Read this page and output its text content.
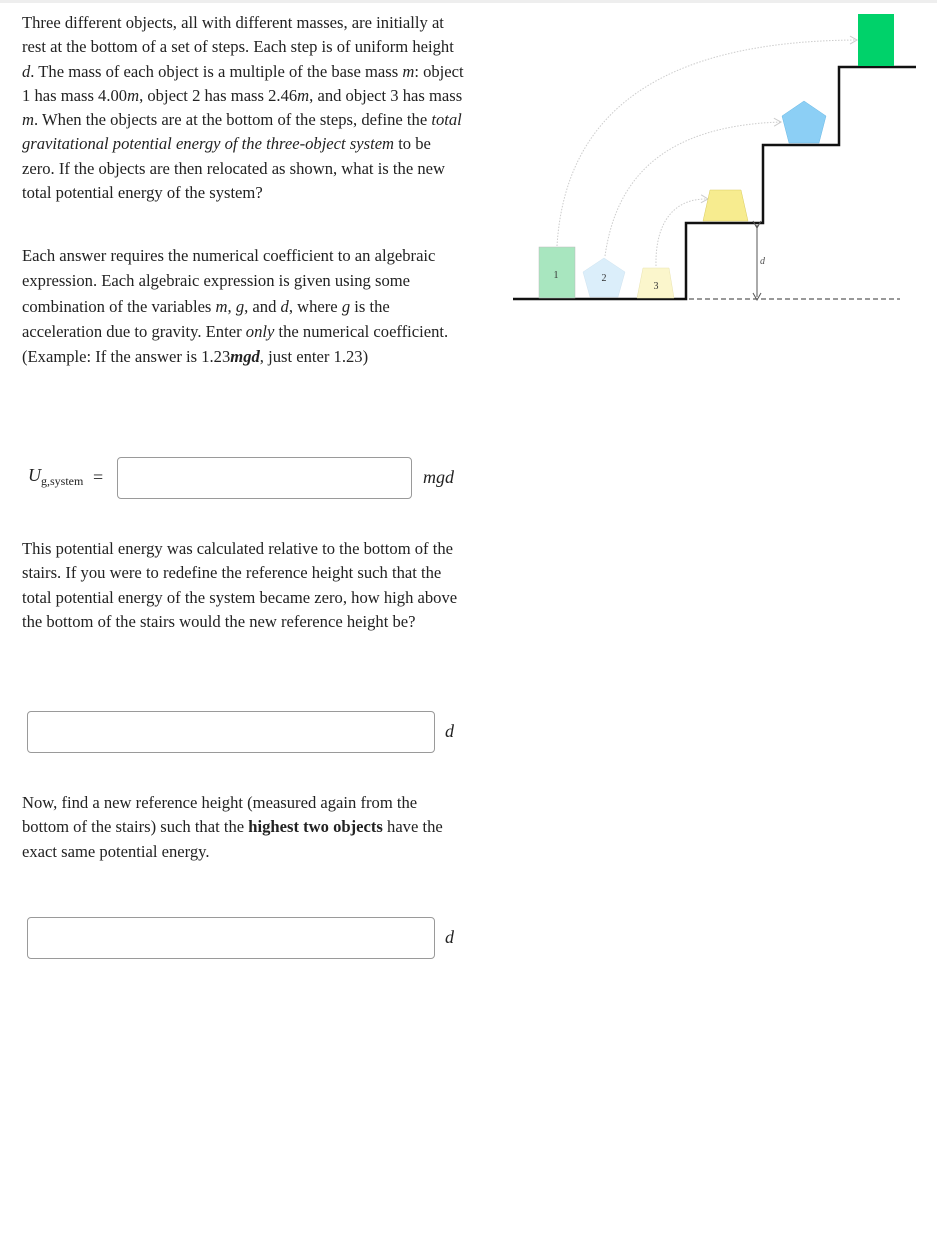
Three different objects, all with different masses, are initially at rest at the bottom of a set of steps. Each step is of uniform height d. The mass of each object is a multiple of the base mass m: object 1 has mass 4.00m, object 2 has mass 2.46m, and object 3 has mass m. When the objects are at the bottom of the steps, define the total gravitational potential energy of the three-object system to be zero. If the objects are then relocated as shown, what is the new total potential energy of the system?

Each answer requires the numerical coefficient to an algebraic expression. Each algebraic expression is given using some combination of the variables m, g, and d, where g is the acceleration due to gravity. Enter only the numerical coefficient. (Example: If the answer is 1.23mgd, just enter 1.23)

$U_{g,system}$ =	mgd

This potential energy was calculated relative to the bottom of the stairs. If you were to redefine the reference height such that the total potential energy of the system became zero, how high above the bottom of the stairs would the new reference height be?

d

Now, find a new reference height (measured again from the bottom of the stairs) such that the highest two objects have the exact same potential energy.

d
d
1	2
3
